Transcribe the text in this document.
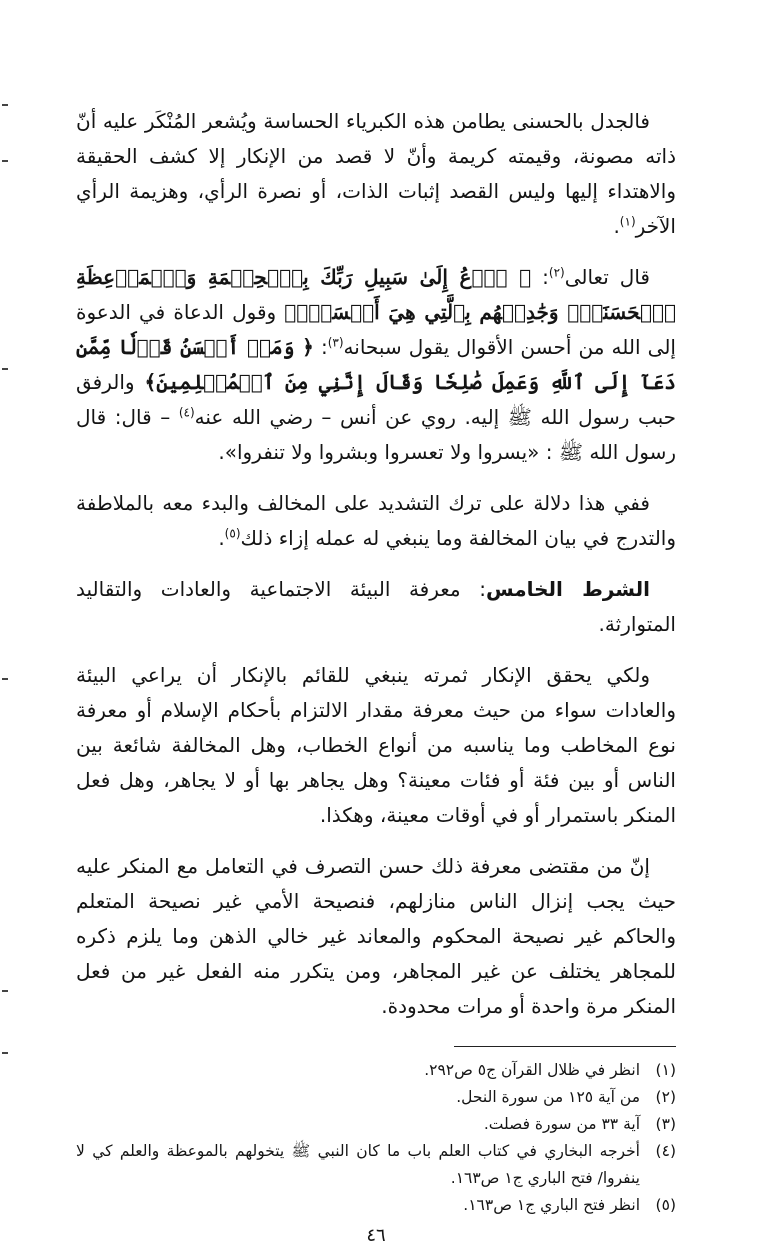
فالجدل بالحسنى يطامن هذه الكبرياء الحساسة ويُشعر المُنْكَر عليه أنّ ذاته مصونة، وقيمته كريمة وأنّ لا قصد من الإنكار إلا كشف الحقيقة والاهتداء إليها وليس القصد إثبات الذات، أو نصرة الرأي، وهزيمة الرأي الآخر$^{(١)}$.

قال تعالى$^{(٢)}$: ﴿ ٱدۡعُ إِلَىٰ سَبِيلِ رَبِّكَ بِٱلۡحِكۡمَةِ وَٱلۡمَوۡعِظَةِ ٱلۡحَسَنَةِۖ وَجَٰدِلۡهُم بِٱلَّتِي هِيَ أَحۡسَنُۚ﴾ وقول الدعاة في الدعوة إلى الله من أحسن الأقوال يقول سبحانه$^{(٣)}$: ﴿ وَمَنۡ أَحۡسَنُ قَوۡلٗا مِّمَّن دَعَآ إِلَى ٱللَّهِ وَعَمِلَ صَٰلِحٗا وَقَالَ إِنَّنِي مِنَ ٱلۡمُسۡلِمِينَ﴾ والرفق حبب رسول الله ﷺ إليه. روي عن أنس – رضي الله عنه$^{(٤)}$ – قال: قال رسول الله ﷺ : «يسروا ولا تعسروا وبشروا ولا تنفروا».

ففي هذا دلالة على ترك التشديد على المخالف والبدء معه بالملاطفة والتدرج في بيان المخالفة وما ينبغي له عمله إزاء ذلك$^{(٥)}$.

الشرط الخامس: معرفة البيئة الاجتماعية والعادات والتقاليد المتوارثة.

ولكي يحقق الإنكار ثمرته ينبغي للقائم بالإنكار أن يراعي البيئة والعادات سواء من حيث معرفة مقدار الالتزام بأحكام الإسلام أو معرفة نوع المخاطب وما يناسبه من أنواع الخطاب، وهل المخالفة شائعة بين الناس أو بين فئة أو فئات معينة؟ وهل يجاهر بها أو لا يجاهر، وهل فعل المنكر باستمرار أو في أوقات معينة، وهكذا.

إنّ من مقتضى معرفة ذلك حسن التصرف في التعامل مع المنكر عليه حيث يجب إنزال الناس منازلهم، فنصيحة الأمي غير نصيحة المتعلم والحاكم غير نصيحة المحكوم والمعاند غير خالي الذهن وما يلزم ذكره للمجاهر يختلف عن غير المجاهر، ومن يتكرر منه الفعل غير من فعل المنكر مرة واحدة أو مرات محدودة.

(١)
انظر في ظلال القرآن ج٥ ص٢٩٢.
(٢)
من آية ١٢٥ من سورة النحل.
(٣)
آية ٣٣ من سورة فصلت.
(٤)
أخرجه البخاري في كتاب العلم باب ما كان النبي ﷺ يتخولهم بالموعظة والعلم كي لا ينفروا/ فتح الباري ج١ ص١٦٣.
(٥)
انظر فتح الباري ج١ ص١٦٣.
٤٦
